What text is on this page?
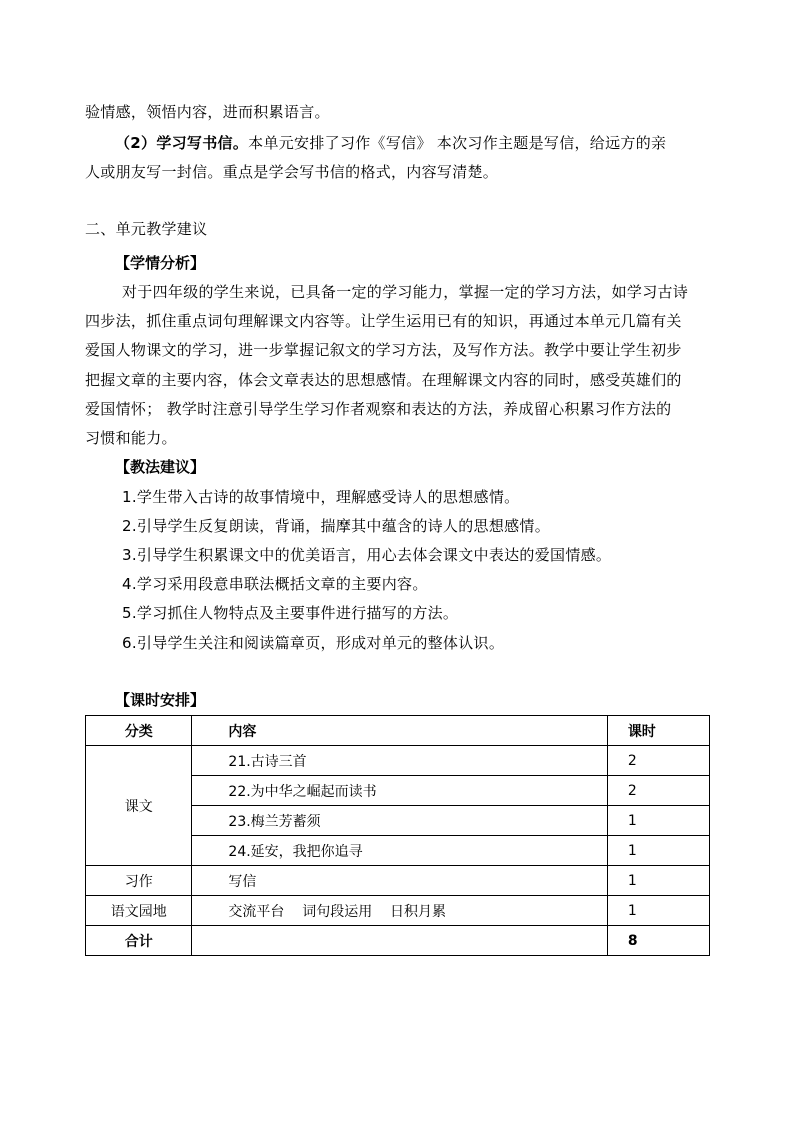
验情感，领悟内容，进而积累语言。
（2）学习写书信。本单元安排了习作《写信》 本次习作主题是写信，给远方的亲
人或朋友写一封信。重点是学会写书信的格式，内容写清楚。
二、单元教学建议
【学情分析】
对于四年级的学生来说，已具备一定的学习能力，掌握一定的学习方法，如学习古诗
四步法，抓住重点词句理解课文内容等。让学生运用已有的知识，再通过本单元几篇有关
爱国人物课文的学习，进一步掌握记叙文的学习方法，及写作方法。教学中要让学生初步
把握文章的主要内容，体会文章表达的思想感情。在理解课文内容的同时，感受英雄们的
爱国情怀； 教学时注意引导学生学习作者观察和表达的方法，养成留心积累习作方法的
习惯和能力。
【教法建议】
1.学生带入古诗的故事情境中，理解感受诗人的思想感情。
2.引导学生反复朗读，背诵，揣摩其中蕴含的诗人的思想感情。
3.引导学生积累课文中的优美语言，用心去体会课文中表达的爱国情感。
4.学习采用段意串联法概括文章的主要内容。
5.学习抓住人物特点及主要事件进行描写的方法。
6.引导学生关注和阅读篇章页，形成对单元的整体认识。
【课时安排】
分类	内容	课时
课文	21.古诗三首	2
	22.为中华之崛起而读书	2
	23.梅兰芳蓄须	1
	24.延安，我把你追寻	1
习作	写信	1
语文园地	交流平台    词句段运用    日积月累	1
合计		8
